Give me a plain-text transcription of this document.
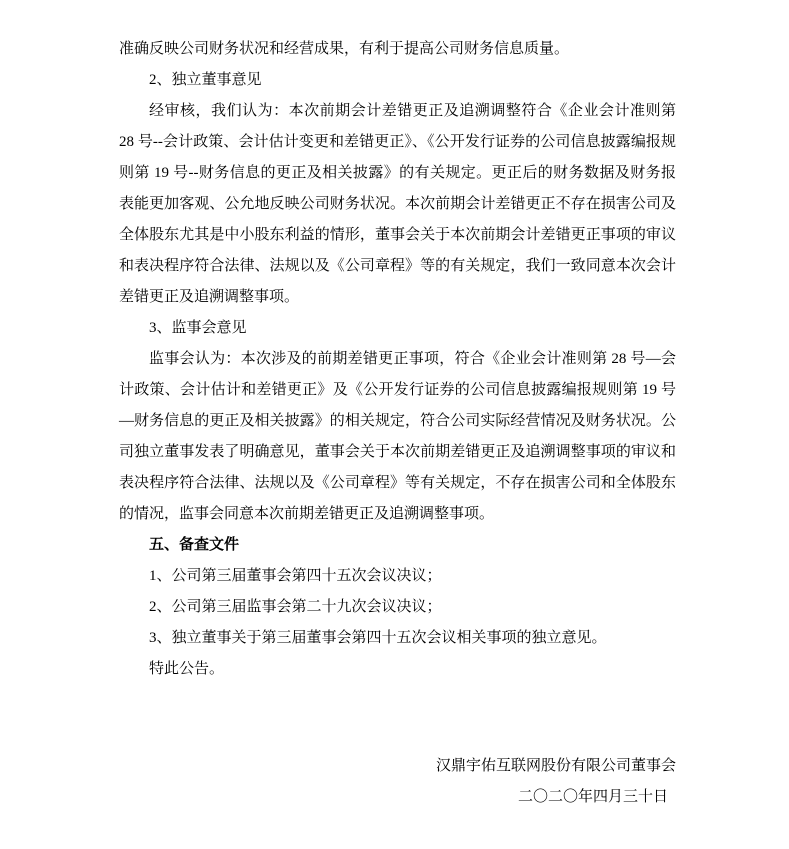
准确反映公司财务状况和经营成果，有利于提高公司财务信息质量。
2、独立董事意见
经审核，我们认为：本次前期会计差错更正及追溯调整符合《企业会计准则第 28 号--会计政策、会计估计变更和差错更正》、《公开发行证券的公司信息披露编报规则第 19 号--财务信息的更正及相关披露》的有关规定。更正后的财务数据及财务报表能更加客观、公允地反映公司财务状况。本次前期会计差错更正不存在损害公司及全体股东尤其是中小股东利益的情形，董事会关于本次前期会计差错更正事项的审议和表决程序符合法律、法规以及《公司章程》等的有关规定，我们一致同意本次会计差错更正及追溯调整事项。
3、监事会意见
监事会认为：本次涉及的前期差错更正事项，符合《企业会计准则第 28 号—会计政策、会计估计和差错更正》及《公开发行证券的公司信息披露编报规则第 19 号—财务信息的更正及相关披露》的相关规定，符合公司实际经营情况及财务状况。公司独立董事发表了明确意见，董事会关于本次前期差错更正及追溯调整事项的审议和表决程序符合法律、法规以及《公司章程》等有关规定，不存在损害公司和全体股东的情况，监事会同意本次前期差错更正及追溯调整事项。
五、备查文件
1、公司第三届董事会第四十五次会议决议；
2、公司第三届监事会第二十九次会议决议；
3、独立董事关于第三届董事会第四十五次会议相关事项的独立意见。
特此公告。
汉鼎宇佑互联网股份有限公司董事会
二〇二〇年四月三十日
